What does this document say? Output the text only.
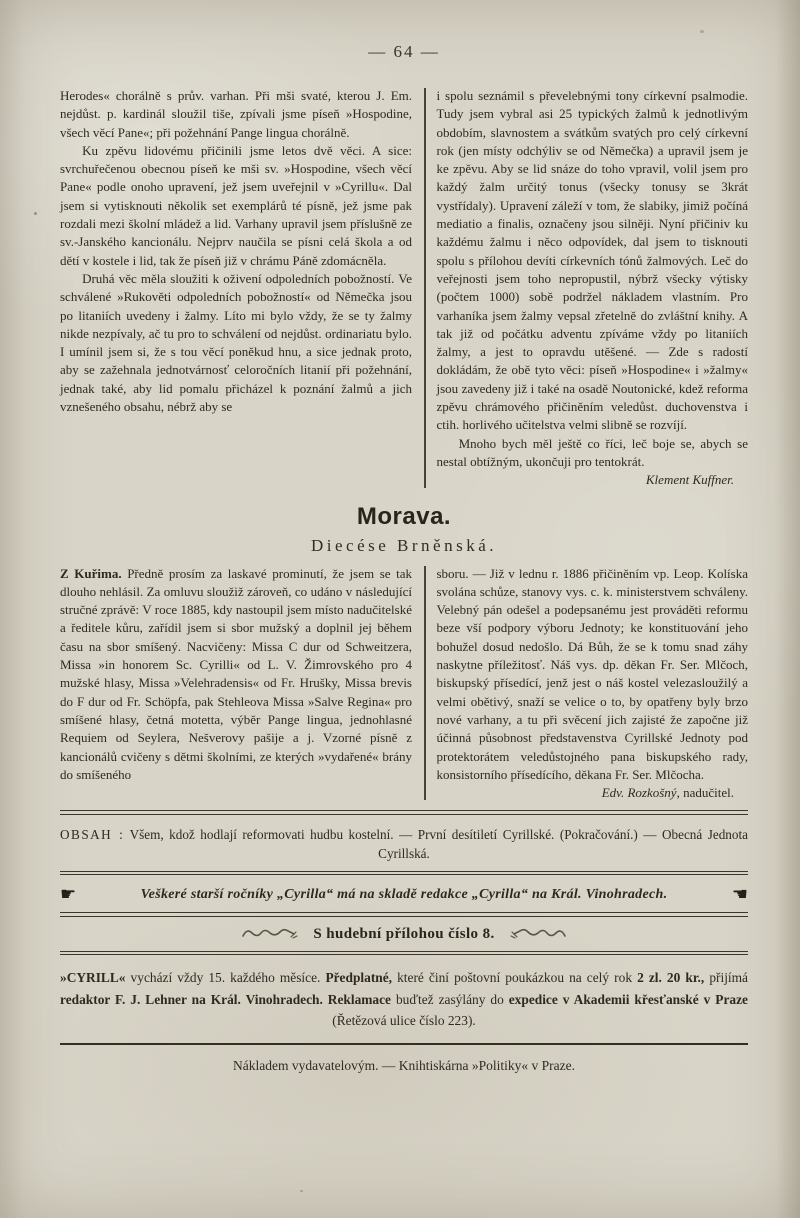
— 64 —

Herodes« chorálně s prův. varhan. Při mši svaté, kterou J. Em. nejdůst. p. kardinál sloužil tiše, zpívali jsme píseň »Hospodine, všech věcí Pane«; při požehnání Pange lingua chorálně.

Ku zpěvu lidovému přičinili jsme letos dvě věci. A sice: svrchuřečenou obecnou píseň ke mši sv. »Hospodine, všech věcí Pane« podle onoho upravení, jež jsem uveřejnil v »Cyrillu«. Dal jsem si vytisknouti několik set exemplárů té písně, jež jsme pak rozdali mezi školní mládež a lid. Varhany upravil jsem příslušně ze sv.-Janského kancionálu. Nejprv naučila se písni celá škola a od dětí v kostele i lid, tak že píseň již v chrámu Páně zdomácněla.

Druhá věc měla sloužiti k oživení odpoledních pobožností. Ve schválené »Rukověti odpoledních pobožností« od Němečka jsou po litaniích uvedeny i žalmy. Líto mi bylo vždy, že se ty žalmy nikde nezpívaly, ač tu pro to schválení od nejdůst. ordinariatu bylo. I umínil jsem si, že s tou věcí poněkud hnu, a sice jednak proto, aby se zažehnala jednotvárnosť celoročních litanií při požehnání, jednak také, aby lid pomalu přicházel k poznání žalmů a jich vznešeného obsahu, nébrž aby se

i spolu seznámil s převelebnými tony církevní psalmodie. Tudy jsem vybral asi 25 typických žalmů k jednotlivým obdobím, slavnostem a svátkům svatých pro celý církevní rok (jen místy odchýliv se od Němečka) a upravil jsem je ke zpěvu. Aby se lid snáze do toho vpravil, volil jsem pro každý žalm určitý tonus (všecky tonusy se 3krát vystřídaly). Upravení záleží v tom, že slabiky, jimiž počíná mediatio a finalis, označeny jsou silněji. Nyní přičiniv ku každému žalmu i něco odpovídek, dal jsem to tisknouti spolu s přílohou devíti církevních tónů žalmových. Leč do veřejnosti jsem toho nepropustil, nýbrž všecky výtisky (počtem 1000) sobě podržel nákladem vlastním. Pro varhaníka jsem žalmy vepsal zřetelně do zvláštní knihy. A tak již od počátku adventu zpíváme vždy po litaniích žalmy, a jest to opravdu utěšené. — Zde s radostí dokládám, že obě tyto věci: píseň »Hospodine« i »žalmy« jsou zavedeny již i také na osadě Noutonické, kdež reforma zpěvu chrámového přičiněním veledůst. duchovenstva i ctih. horlivého učitelstva velmi slibně se rozvíjí.

Mnoho bych měl ještě co říci, leč boje se, abych se nestal obtížným, ukončuji pro tentokrát.

Klement Kuffner.

Morava.
Diecése Brněnská.

Z Kuřima. Předně prosím za laskavé prominutí, že jsem se tak dlouho nehlásil. Za omluvu sloužiž zároveň, co udáno v následující stručné zprávě: V roce 1885, kdy nastoupil jsem místo nadučitelské a ředitele kůru, zařídil jsem si sbor mužský a doplnil jej během času na sbor smíšený. Nacvičeny: Missa C dur od Schweitzera, Missa »in honorem Sc. Cyrilli« od L. V. Žimrovského pro 4 mužské hlasy, Missa »Velehradensis« od Fr. Hrušky, Missa brevis do F dur od Fr. Schöpfa, pak Stehleova Missa »Salve Regina« pro smíšené hlasy, četná motetta, výběr Pange lingua, jednohlasné Requiem od Seylera, Nešverovy pašije a j. Vzorné písně z kancionálů cvičeny s dětmi školními, ze kterých »vydařené« brány do smíšeného

sboru. — Již v lednu r. 1886 přičiněním vp. Leop. Kolíska svolána schůze, stanovy vys. c. k. ministerstvem schváleny. Velebný pán odešel a podepsanému jest prováděti reformu beze vší podpory výboru Jednoty; ke konstituování jeho bohužel dosud nedošlo. Dá Bůh, že se k tomu snad záhy naskytne příležitosť. Náš vys. dp. děkan Fr. Ser. Mlčoch, biskupský přísedící, jenž jest o náš kostel velezasloužilý a velmi obětivý, snaží se velice o to, by opatřeny byly brzo nové varhany, a tu při svěcení jich zajisté že započne již účinná působnost představenstva Cyrillské Jednoty pod protektorátem veledůstojného pana biskupského rady, konsistorního přísedícího, děkana Fr. Ser. Mlčocha.

Edv. Rozkošný, nadučitel.

OBSAH : Všem, kdož hodlají reformovati hudbu kostelní. — První desítiletí Cyrillské. (Pokračování.) — Obecná Jednota Cyrillská.

☛	Veškeré starší ročníky „Cyrilla“ má na skladě redakce „Cyrilla“ na Král. Vinohradech.	☚

S hudební přílohou číslo 8.

»CYRILL« vychází vždy 15. každého měsíce. Předplatné, které činí poštovní poukázkou na celý rok 2 zl. 20 kr., přijímá redaktor F. J. Lehner na Král. Vinohradech. Reklamace buďtež zasýlány do expedice v Akademii křesťanské v Praze (Řetězová ulice číslo 223).

Nákladem vydavatelovým. — Knihtiskárna »Politiky« v Praze.
